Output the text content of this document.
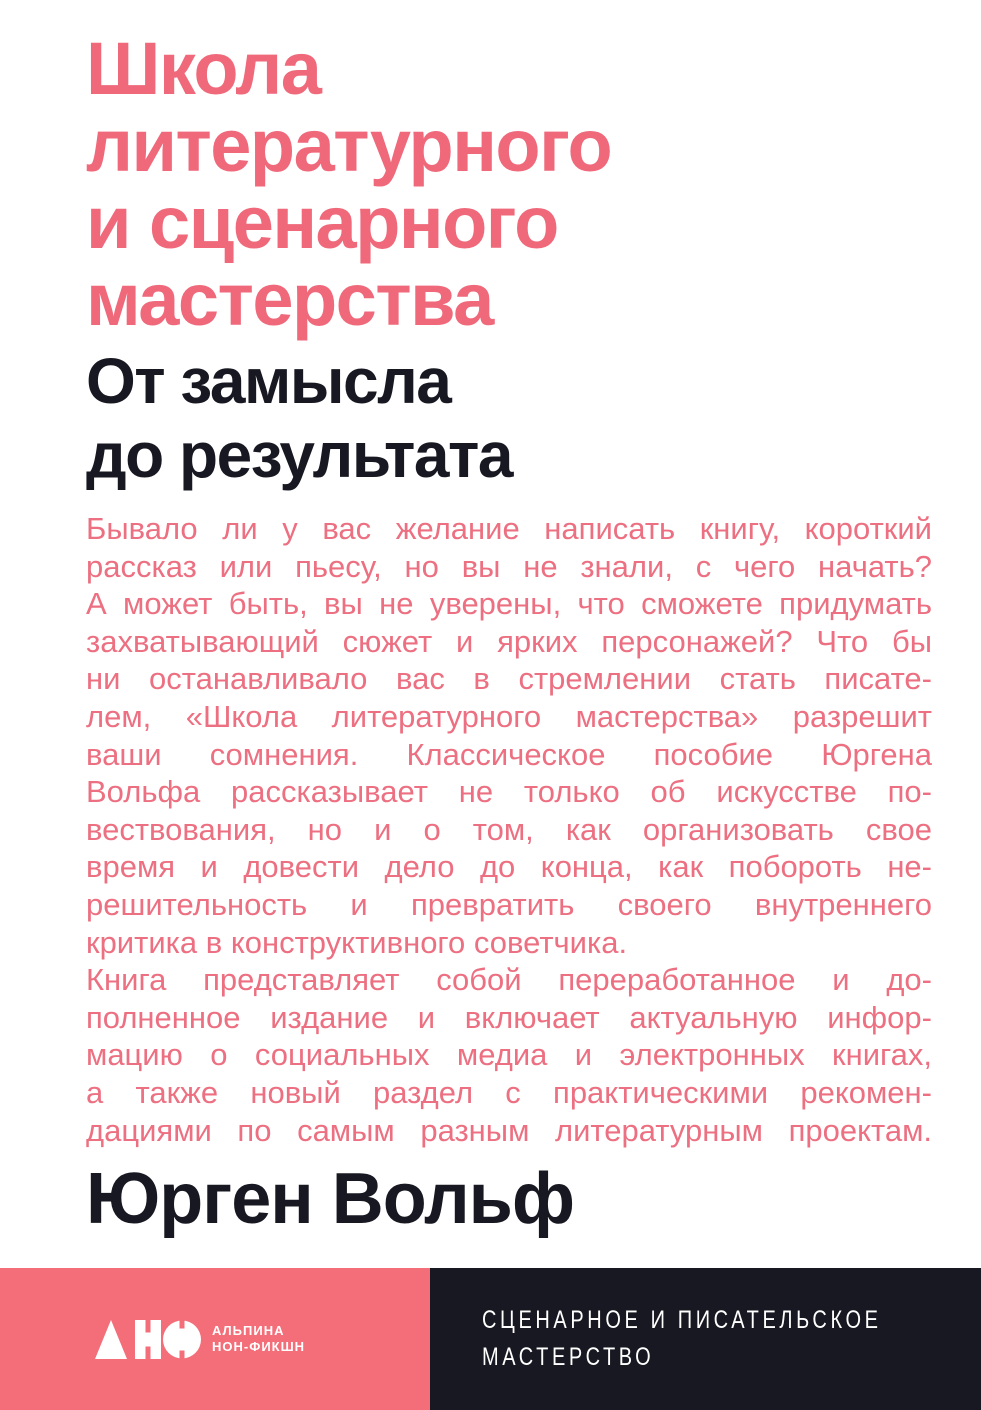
Школа
литературного
и сценарного
мастерства
От замысла
до результата
Бывало ли у вас желание написать книгу, короткий
рассказ или пьесу, но вы не знали, с чего начать?
А может быть, вы не уверены, что сможете придумать
захватывающий сюжет и ярких персонажей? Что бы
ни останавливало вас в стремлении стать писате-
лем, «Школа литературного мастерства» разрешит
ваши сомнения. Классическое пособие Юргена
Вольфа рассказывает не только об искусстве по-
вествования, но и о том, как организовать свое
время и довести дело до конца, как побороть не-
решительность и превратить своего внутреннего
критика в конструктивного советчика.
Книга представляет собой переработанное и до-
полненное издание и включает актуальную инфор-
мацию о социальных медиа и электронных книгах,
а также новый раздел с практическими рекомен-
дациями по самым разным литературным проектам.
Юрген Вольф
АЛЬПИНА
НОН-ФИКШН
СЦЕНАРНОЕ И ПИСАТЕЛЬСКОЕ
МАСТЕРСТВО
